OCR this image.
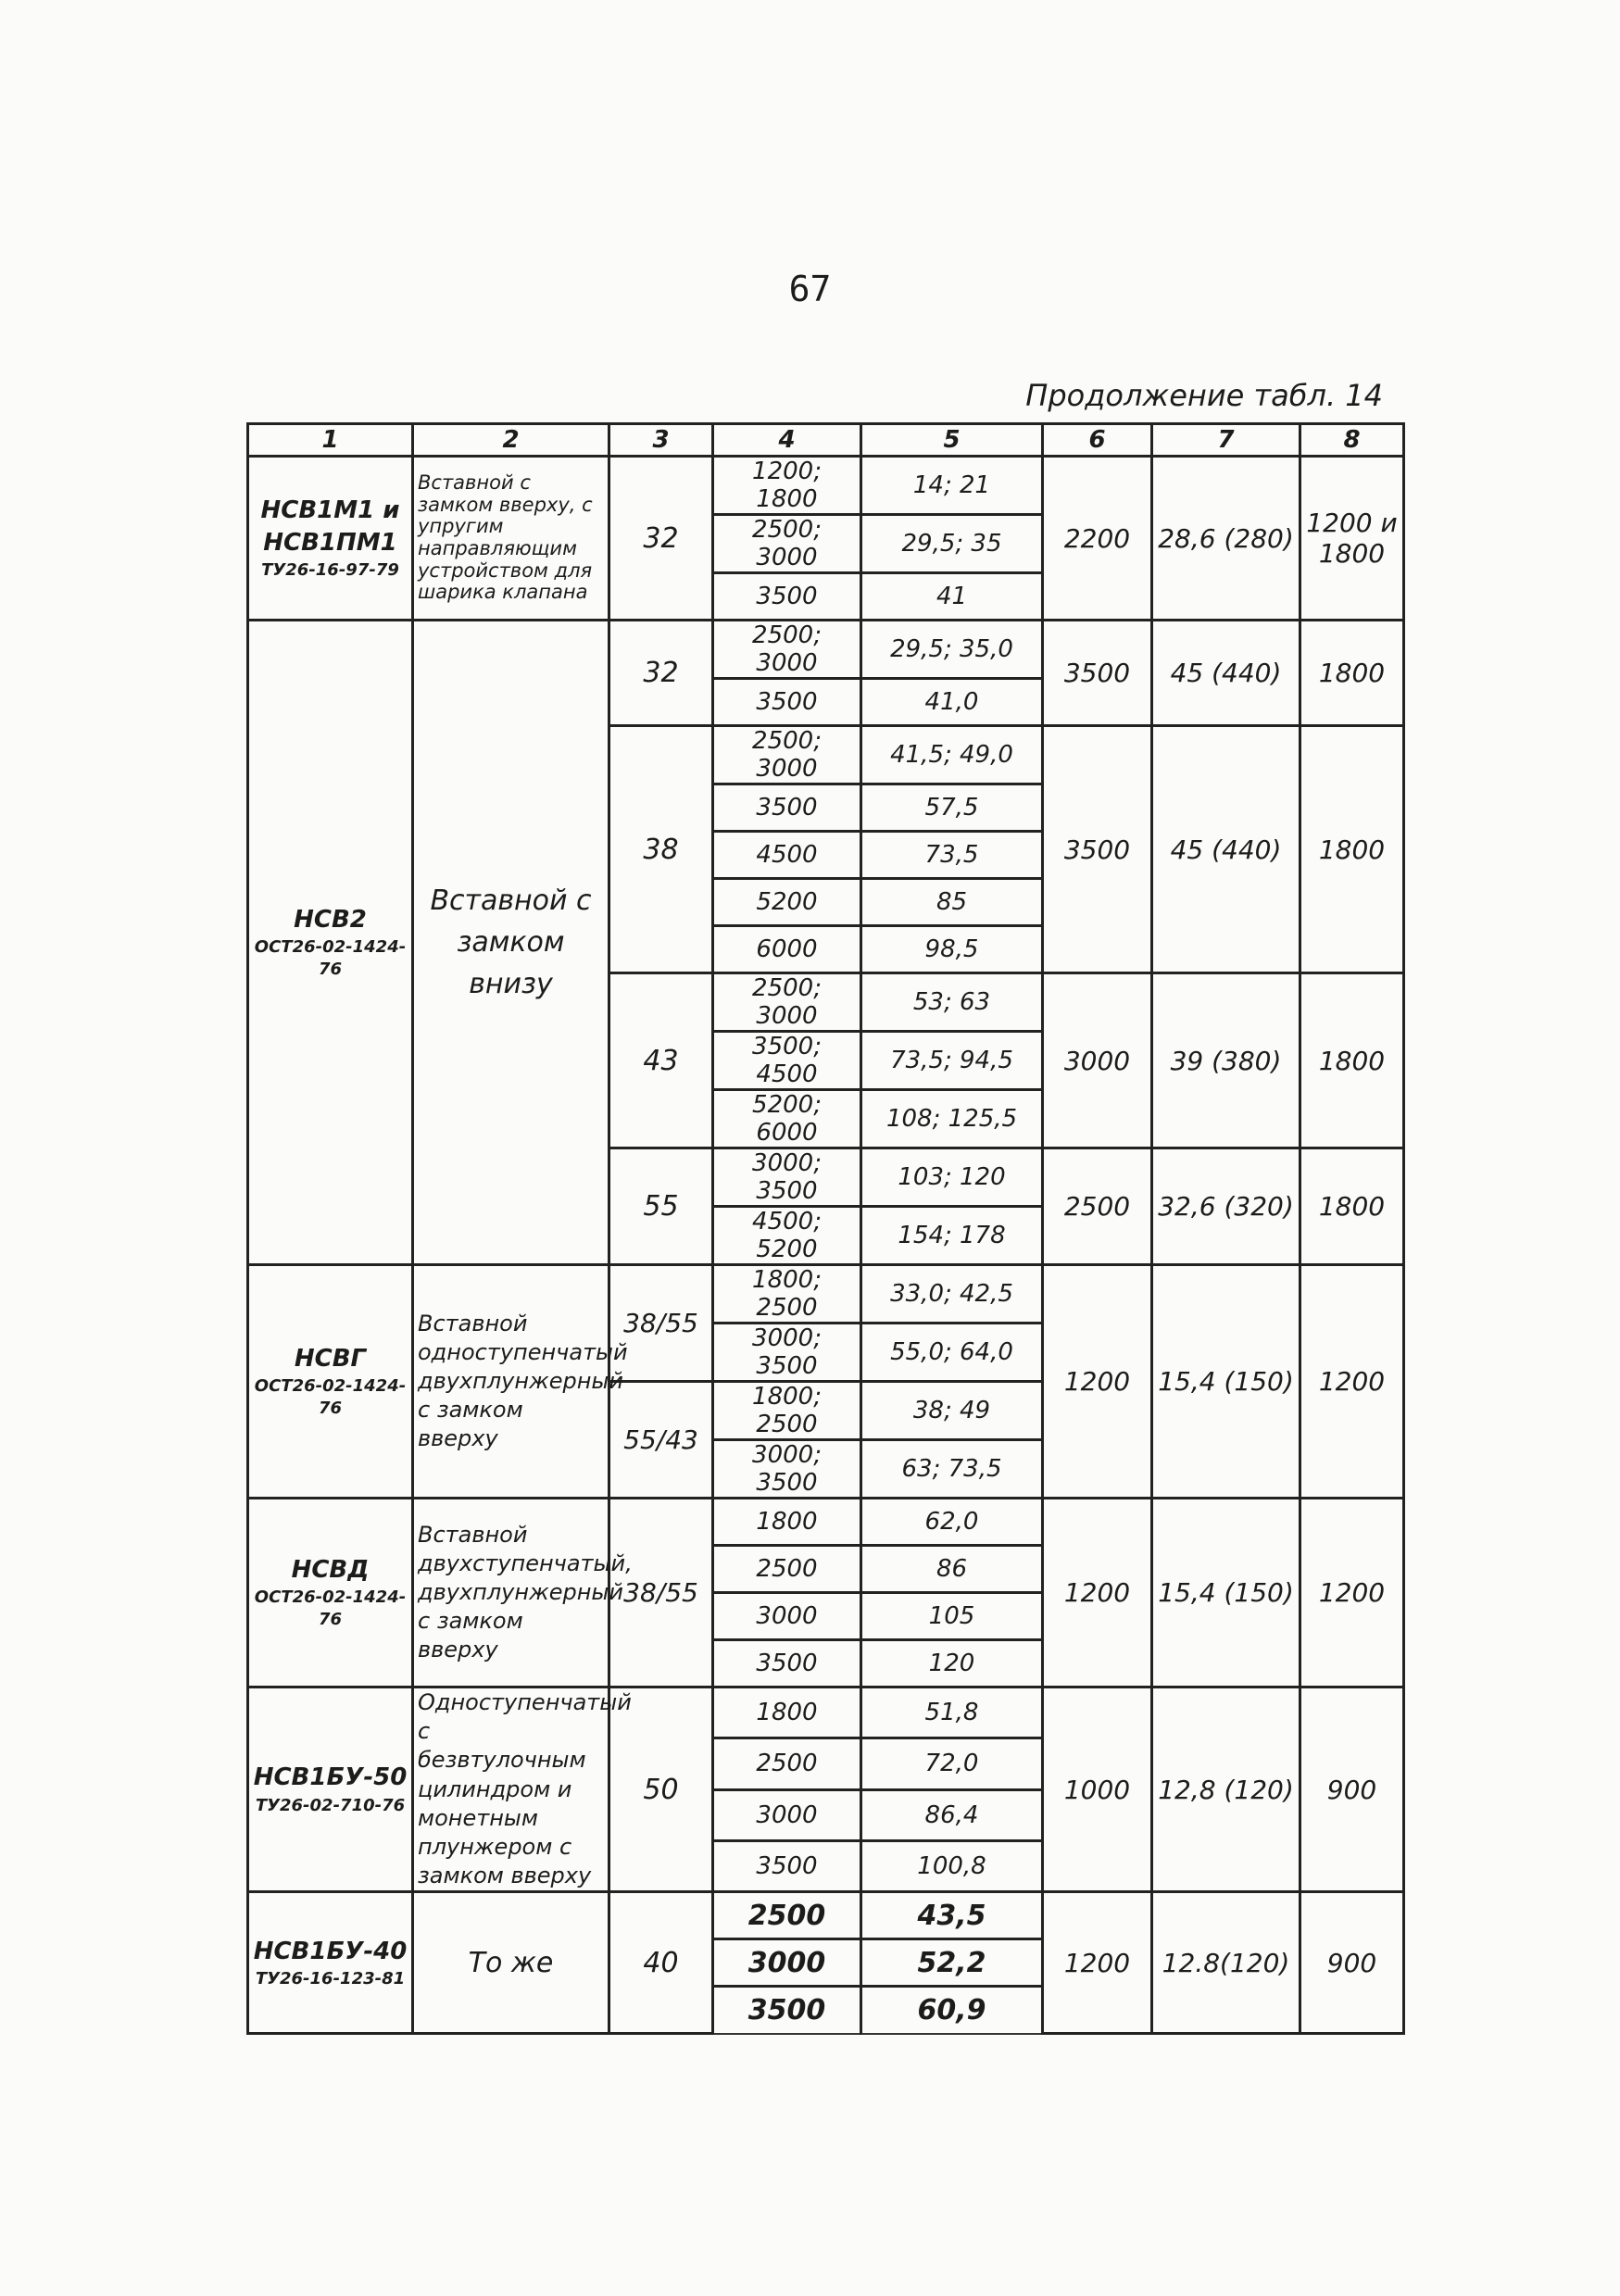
67
Продолжение табл. 14
1	2	3	4	5	6	7	8

НСВ1М1 и
НСВ1ПМ1
ТУ26-16-97-79	Вставной с замком вверху, с упругим направляющим устройством для шарика клапана	32	1200; 1800	14; 21	2200	28,6 (280)	1200 и 1800
			2500; 3000	29,5; 35			
			3500	41			

НСВ2
ОСТ26-02-1424-76	Вставной с замком внизу	32	2500; 3000	29,5; 35,0	3500	45 (440)	1800
			3500	41,0			
		38	2500; 3000	41,5; 49,0	3500	45 (440)	1800
			3500	57,5			
			4500	73,5			
			5200	85			
			6000	98,5			
		43	2500; 3000	53; 63	3000	39 (380)	1800
			3500; 4500	73,5; 94,5			
			5200; 6000	108; 125,5			
		55	3000; 3500	103; 120	2500	32,6 (320)	1800
			4500; 5200	154; 178			

НСВГ
ОСТ26-02-1424-76	Вставной одноступенчатый двухплунжерный с замком вверху	38/55	1800; 2500	33,0; 42,5	1200	15,4 (150)	1200
			3000; 3500	55,0; 64,0			
		55/43	1800; 2500	38; 49			
			3000; 3500	63; 73,5			

НСВД
ОСТ26-02-1424-76	Вставной двухступенчатый, двухплунжерный с замком вверху	38/55	1800	62,0	1200	15,4 (150)	1200
			2500	86			
			3000	105			
			3500	120			

НСВ1БУ-50
ТУ26-02-710-76	Одноступенчатый с безвтулочным цилиндром и монетным плунжером с замком вверху	50	1800	51,8	1000	12,8 (120)	900
			2500	72,0			
			3000	86,4			
			3500	100,8			

НСВ1БУ-40
ТУ26-16-123-81	То же	40	2500	43,5	1200	12.8(120)	900
			3000	52,2			
			3500	60,9			
